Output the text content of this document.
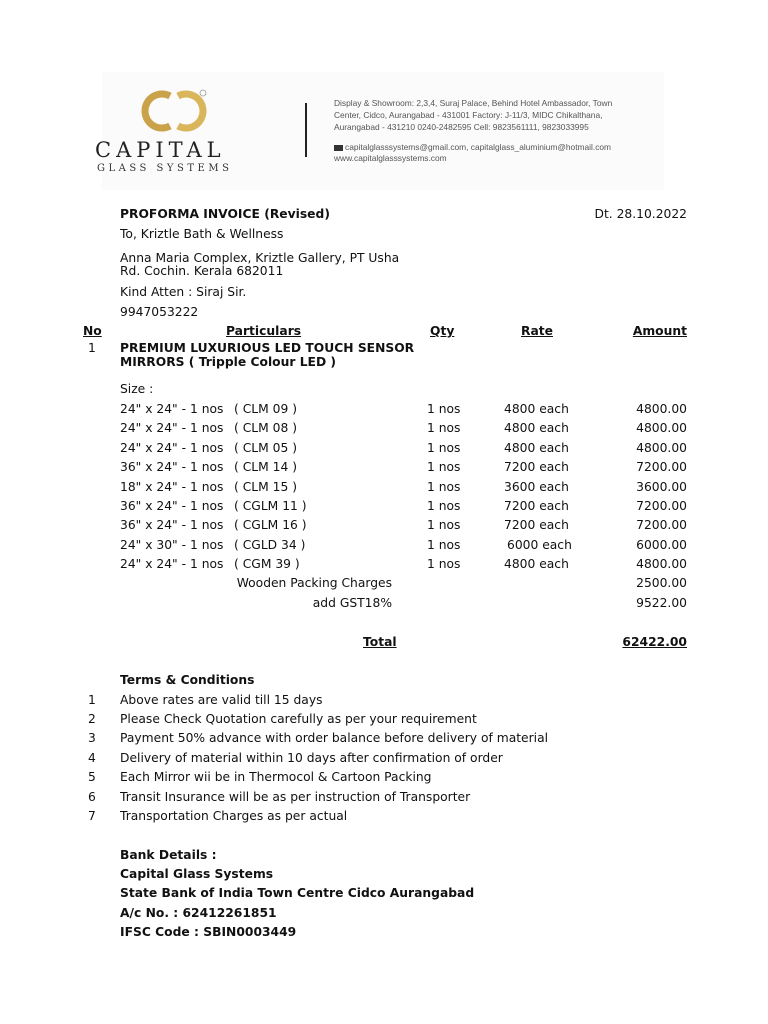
CAPITAL
GLASS SYSTEMS
Display & Showroom: 2,3,4, Suraj Palace, Behind Hotel Ambassador, Town
Center, Cidco, Aurangabad - 431001 Factory: J-11/3, MIDC Chikalthana,
Aurangabad - 431210 0240-2482595 Cell: 9823561111, 9823033995
capitalglasssystems@gmail.com, capitalglass_aluminium@hotmail.com
www.capitalglasssystems.com
PROFORMA INVOICE (Revised)	Dt. 28.10.2022
To, Kriztle Bath & Wellness
Anna Maria Complex, Kriztle Gallery, PT Usha
Rd. Cochin. Kerala 682011
Kind Atten : Siraj Sir.
9947053222
No	Particulars	Qty	Rate	Amount
1 PREMIUM LUXURIOUS LED TOUCH SENSOR
MIRRORS ( Tripple Colour LED )
Size :
24" x 24" - 1 nos ( CLM 09 )	1 nos	4800 each	4800.00
24" x 24" - 1 nos ( CLM 08 )	1 nos	4800 each	4800.00
24" x 24" - 1 nos ( CLM 05 )	1 nos	4800 each	4800.00
36" x 24" - 1 nos ( CLM 14 )	1 nos	7200 each	7200.00
18" x 24" - 1 nos ( CLM 15 )	1 nos	3600 each	3600.00
36" x 24" - 1 nos ( CGLM 11 )	1 nos	7200 each	7200.00
36" x 24" - 1 nos ( CGLM 16 )	1 nos	7200 each	7200.00
24" x 30" - 1 nos ( CGLD 34 )	1 nos	6000 each	6000.00
24" x 24" - 1 nos ( CGM 39 )	1 nos	4800 each	4800.00
Wooden Packing Charges	2500.00
add GST18%	9522.00
Total	62422.00
Terms & Conditions
1 Above rates are valid till 15 days
2 Please Check Quotation carefully as per your requirement
3 Payment 50% advance with order balance before delivery of material
4 Delivery of material within 10 days after confirmation of order
5 Each Mirror wii be in Thermocol & Cartoon Packing
6 Transit Insurance will be as per instruction of Transporter
7 Transportation Charges as per actual
Bank Details :
Capital Glass Systems
State Bank of India Town Centre Cidco Aurangabad
A/c No. : 62412261851
IFSC Code : SBIN0003449
